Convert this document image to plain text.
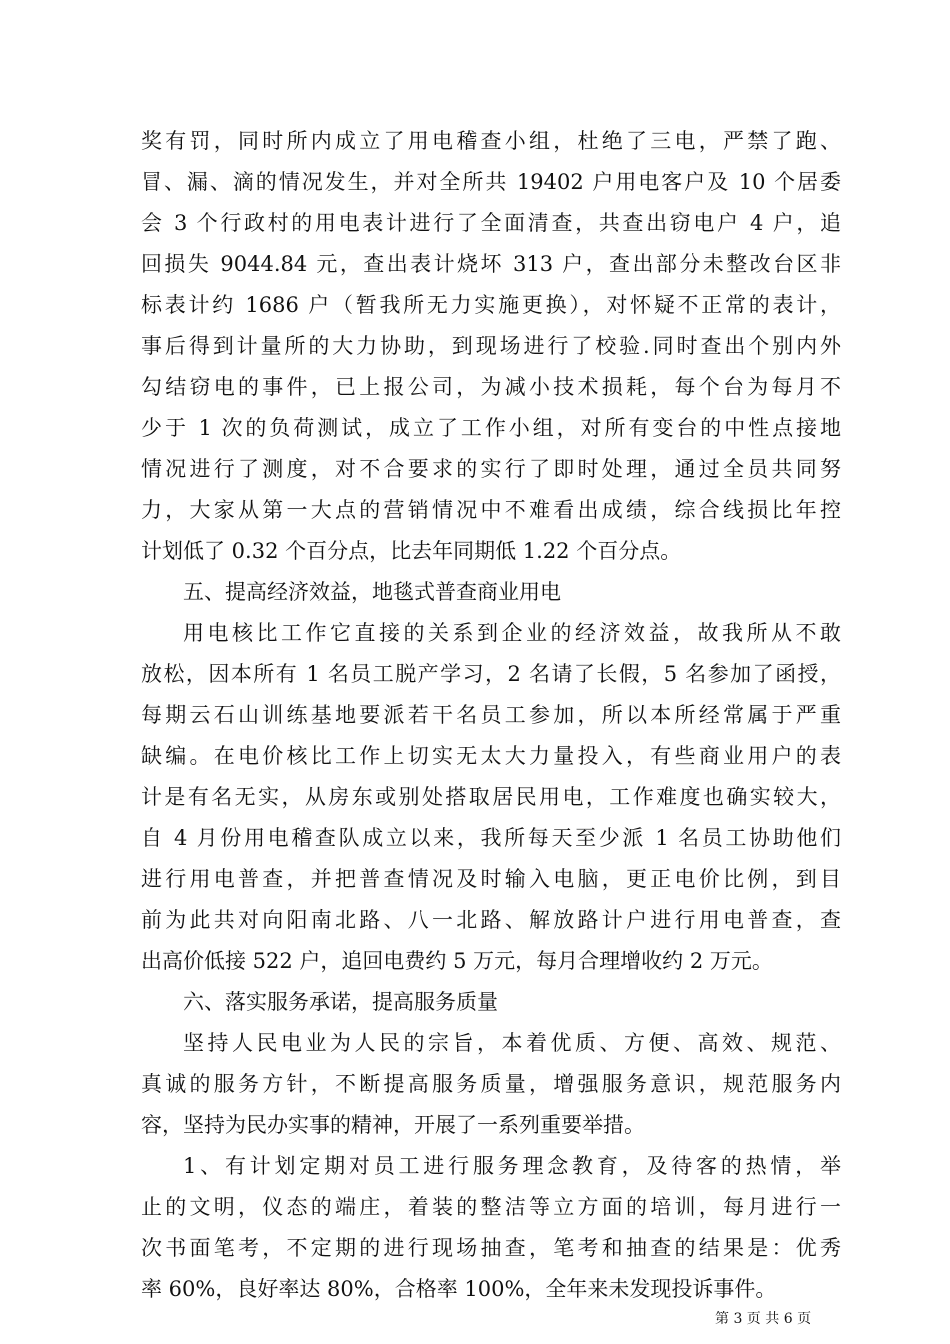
奖有罚，同时所内成立了用电稽查小组，杜绝了三电，严禁了跑、
冒、漏、滴的情况发生，并对全所共 19402 户用电客户及 10 个居委
会 3 个行政村的用电表计进行了全面清查，共查出窃电户 4 户，追
回损失 9044.84 元，查出表计烧坏 313 户，查出部分未整改台区非
标表计约 1686 户（暂我所无力实施更换），对怀疑不正常的表计，
事后得到计量所的大力协助，到现场进行了校验.同时查出个别内外
勾结窃电的事件，已上报公司，为减小技术损耗，每个台为每月不
少于 1 次的负荷测试，成立了工作小组，对所有变台的中性点接地
情况进行了测度，对不合要求的实行了即时处理，通过全员共同努
力，大家从第一大点的营销情况中不难看出成绩，综合线损比年控
计划低了 0.32 个百分点，比去年同期低 1.22 个百分点。
五、提高经济效益，地毯式普查商业用电
用电核比工作它直接的关系到企业的经济效益，故我所从不敢
放松，因本所有 1 名员工脱产学习，2 名请了长假，5 名参加了函授，
每期云石山训练基地要派若干名员工参加，所以本所经常属于严重
缺编。在电价核比工作上切实无太大力量投入，有些商业用户的表
计是有名无实，从房东或别处搭取居民用电，工作难度也确实较大，
自 4 月份用电稽查队成立以来，我所每天至少派 1 名员工协助他们
进行用电普查，并把普查情况及时输入电脑，更正电价比例，到目
前为此共对向阳南北路、八一北路、解放路计户进行用电普查，查
出高价低接 522 户，追回电费约 5 万元，每月合理增收约 2 万元。
六、落实服务承诺，提高服务质量
坚持人民电业为人民的宗旨，本着优质、方便、高效、规范、
真诚的服务方针，不断提高服务质量，增强服务意识，规范服务内
容，坚持为民办实事的精神，开展了一系列重要举措。
1、有计划定期对员工进行服务理念教育，及待客的热情，举
止的文明，仪态的端庄，着装的整洁等立方面的培训，每月进行一
次书面笔考，不定期的进行现场抽查，笔考和抽查的结果是：优秀
率 60%，良好率达 80%，合格率 100%，全年来未发现投诉事件。
第 3 页 共 6 页
